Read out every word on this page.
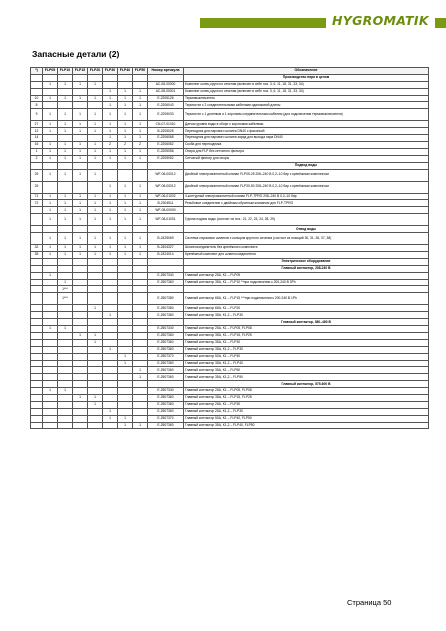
HYGROMATIK
Запасные детали (2)
*)	FLP05	FLP10	FLP15	FLP20	FLP30	FLP40	FLP50	Номер артикула	Обозначение
									Производство пара в целом
	1	1	1	1				AC-08-00000	Комплект колец круглого сечения (включен в себе поз. 3, 6, 11, 18, 31, 33, 34)
					1	1	1	AC-08-00001	Комплект колец круглого сечения (включен в себе поз. 3, 6, 11, 18, 31, 33, 34)
10	1	1	1	1	1	1	1	E-2205126	Термовыключатель
8					1	1	1	E-2206043	Термостат с 2 соединительными кабелями одинаковой длины
9	1	1	1	1	1	1	1	E-2205033	Термостат с 1 длинным и 1 коротким соединительным кабелем (для подключения термовыключателя)
27	1	1	1	1	1	1	1	CN-07-01010	Датчик уровня воды в сборе с короткими кабелями
12	1	1	1	1	1	1	1	B-2205025	Переходник для парового шланга DN40 с фасонкой
14					1	1	1	E-2206068	Переходник для парового шланга заряд для выхода пара DN40
16	1	1	1	1	2	2	2	E-2206062	Скоба для переходника
1	1	1	1	1	1	1	1	E-2205056	Опора для FLP без сетчатого фильтра
2	1	1	1	1	1	1	1	E-2205052	Сетчатый фильтр для опоры
									Подвод воды
25	1	1	1	1				WF-06-00012	Двойной электромагнитный клапан FLP05-25 208–240 В 0,2–10 бар с крепёжным комплектом
25					1	1	1	WF-06-00012	Двойной электромагнитный клапан FLP30-50 208–240 В 0,2–10 бар с крепёжным комплектом
71	1	1	1	1	1	1	1	WF-06-01002	4-контурный электромагнитный клапан FLP-TPRO 208–240 В 0,2–10 бар
72	1	1	1	1	1	1	1	B-2304511	Резьбовое соединение с двойным обратным клапаном для FLP-TPRO
	1	1	1	1	1	1	1	WF-08-00000	
	1	1	1	1	1	1	1	WF-08-01001	Группа подачи воды (состоит из поз.: 21, 22, 23, 24, 28, 29)
									Отвод воды
	1	1	1	1	1	1	1	B-2425069	Система спусковых шлангов с кольцом круглого сечения (состоит из позиций 30, 31, 36, 37, 38)
32	1	1	1	1	1	1	1	B-2404327	Шлангосоединитель без крепёжного комплекта
35	1	1	1	1	1	1	1	B-2424014	Крепёжный комплект для шлангосоединителя
									Электрическое оборудование
									Главный контактор, 208-240 В
	1							E-2507340	Главный контактор 25А, K1 – FLP05
		1						E-2507360	Главный контактор 35А, K1 – FLP10 **при подключении к 200-240 В 3Ph
		1***							
		1***						E-2507380	Главный контактор 65А, K1 – FLP15 ***при подключении к 200-240 В 1Ph
				1				E-2507380	Главный контактор 65А, K1 – FLP20
					1			E-2507360	Главный контактор 35А, K1,2 – FLP30
									Главный контактор, 380–480 В
	1	1						E-2507340	Главный контактор 25А, K1 – FLP05, FLP08
			1	1				E-2507360	Главный контактор 35А, K1 – FLP15, FLP25
				1				E-2507360	Главный контактор 35А, K1 – FLP30
					1			E-2507360	Главный контактор 35А, K1,2 – FLP30
						1		E-2507370	Главный контактор 50А, K1 – FLP40
						1		E-2507360	Главный контактор 35А, K1,2 – FLP40
							1	E-2507360	Главный контактор 35А, K1 – FLP50
							1	E-2507360	Главный контактор 35А, K1,2 – FLP50
									Главный контактор, 575-600 В
	1	1						E-2507340	Главный контактор 25А, K1 – FLP05, FLP08
			1	1				E-2507360	Главный контактор 35А, K1 – FLP15, FLP25
				1				E-2507360	Главный контактор 25А, K1 – FLP30
					1			E-2507360	Главный контактор 25А, K1,2 – FLP30
					1	1		E-2507370	Главный контактор 50А, K1 – FLP40, FLP50
						1	1	E-2507360	Главный контактор 35А, K1,2 – FLP40, FLP50
Страница 50
